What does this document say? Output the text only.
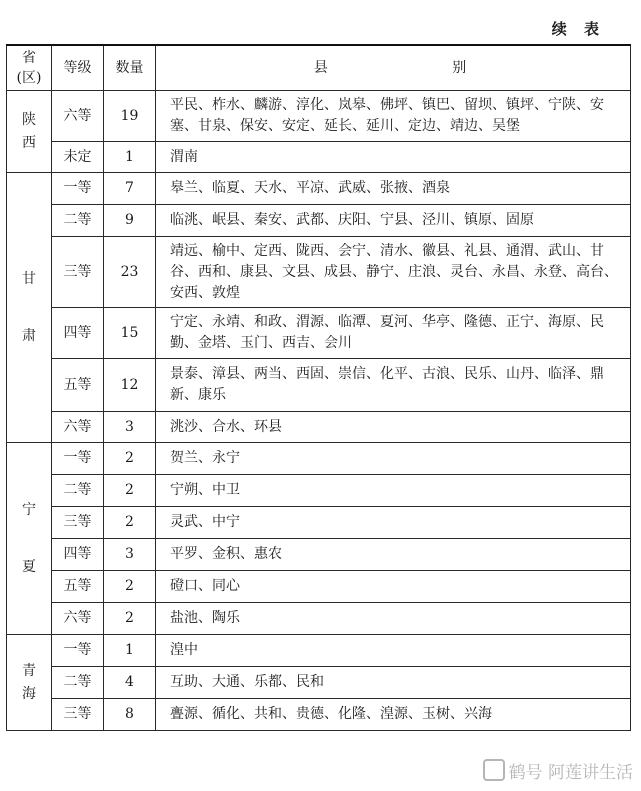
续 表
省
(区)	等级	数量	县 别

陕
西	六等	19	平民、柞水、麟游、淳化、岚皋、佛坪、镇巴、留坝、镇坪、宁陕、安塞、甘泉、保安、安定、延长、延川、定边、靖边、吴堡
	未定	1	渭南

甘
肃	一等	7	皋兰、临夏、天水、平凉、武威、张掖、酒泉
	二等	9	临洮、岷县、秦安、武都、庆阳、宁县、泾川、镇原、固原
	三等	23	靖远、榆中、定西、陇西、会宁、清水、徽县、礼县、通渭、武山、甘谷、西和、康县、文县、成县、静宁、庄浪、灵台、永昌、永登、高台、安西、敦煌
	四等	15	宁定、永靖、和政、渭源、临潭、夏河、华亭、隆德、正宁、海原、民勤、金塔、玉门、西吉、会川
	五等	12	景泰、漳县、两当、西固、崇信、化平、古浪、民乐、山丹、临泽、鼎新、康乐
	六等	3	洮沙、合水、环县

宁
夏	一等	2	贺兰、永宁
	二等	2	宁朔、中卫
	三等	2	灵武、中宁
	四等	3	平罗、金积、惠农
	五等	2	磴口、同心
	六等	2	盐池、陶乐

青
海	一等	1	湟中
	二等	4	互助、大通、乐都、民和
	三等	8	亹源、循化、共和、贵德、化隆、湟源、玉树、兴海
鹤号 阿莲讲生活
